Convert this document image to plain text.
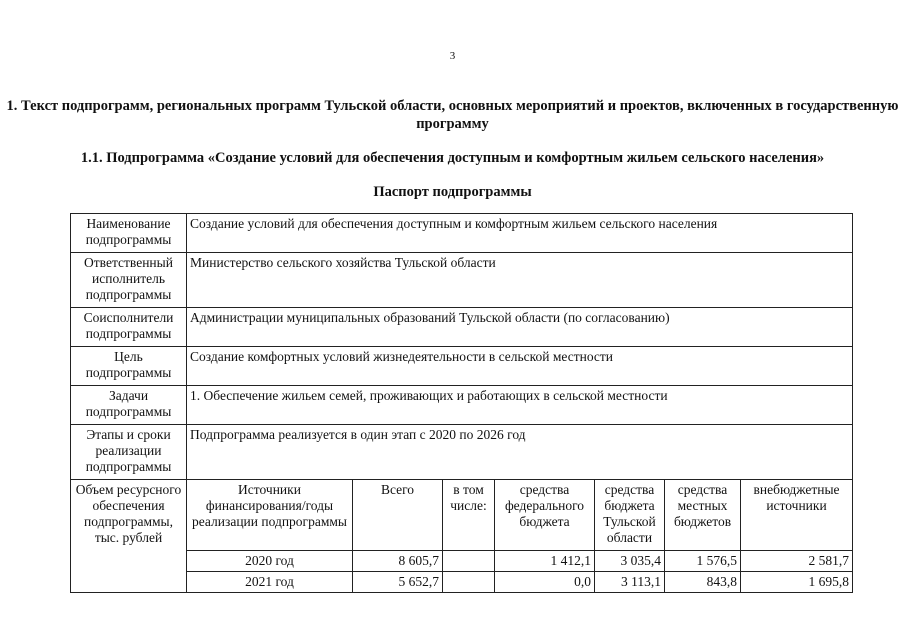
3
1. Текст подпрограмм, региональных программ Тульской области, основных мероприятий и проектов, включенных в государственную программу
1.1. Подпрограмма «Создание условий для обеспечения доступным и комфортным жильем сельского населения»
Паспорт подпрограммы
Наименование подпрограммы	Создание условий для обеспечения доступным и комфортным жильем сельского населения						
Ответственный исполнитель подпрограммы	Министерство сельского хозяйства Тульской области						
Соисполнители подпрограммы	Администрации муниципальных образований Тульской области (по согласованию)						
Цель подпрограммы	Создание комфортных условий жизнедеятельности в сельской местности						
Задачи подпрограммы	1. Обеспечение жильем семей, проживающих и работающих в сельской местности						
Этапы и сроки реализации подпрограммы	Подпрограмма реализуется в один этап с 2020 по 2026 год						
Объем ресурсного обеспечения подпрограммы, тыс. рублей	Источники финансирования/годы реализации подпрограммы	Всего	в том числе:	средства федерального бюджета	средства бюджета Тульской области	средства местных бюджетов	внебюджетные источники
	2020 год	8 605,7		1 412,1	3 035,4	1 576,5	2 581,7
	2021 год	5 652,7		0,0	3 113,1	843,8	1 695,8
